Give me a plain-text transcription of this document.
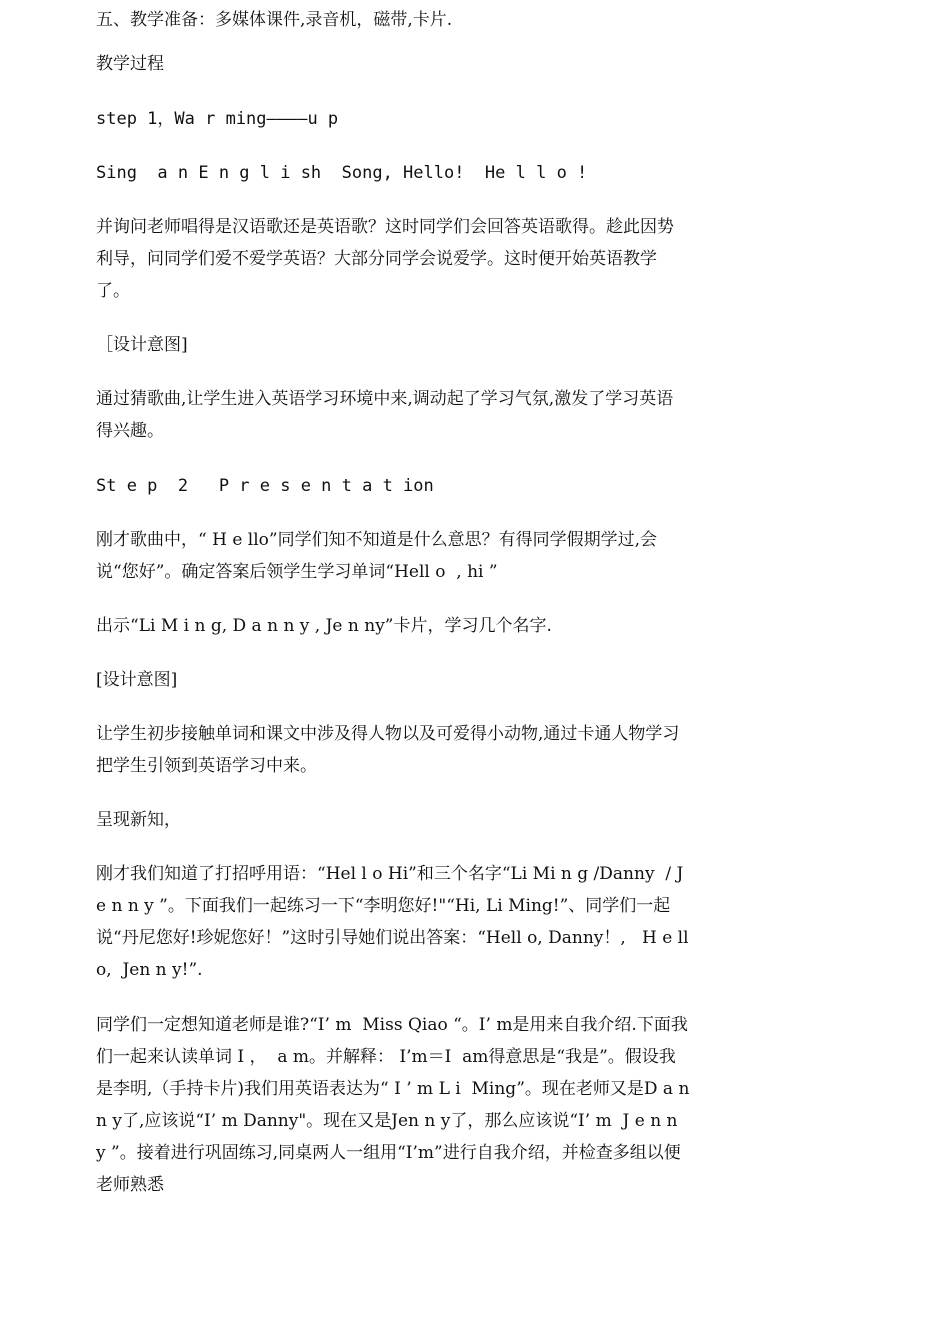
五、教学准备：多媒体课件,录音机，磁带,卡片.

教学过程

step 1，Wa r ming————u p

Sing  a n E n g l i sh  Song, Hello!  He l l o !

并询问老师唱得是汉语歌还是英语歌？这时同学们会回答英语歌得。趁此因势利导，问同学们爱不爱学英语？大部分同学会说爱学。这时便开始英语教学了。

［设计意图]

通过猜歌曲,让学生进入英语学习环境中来,调动起了学习气氛,激发了学习英语得兴趣。

St e p  2   P r e s e n t a t ion

刚才歌曲中，“ H e llo”同学们知不知道是什么意思？有得同学假期学过,会说“您好”。确定答案后领学生学习单词“Hell o  , hi ”

出示“Li M i n g, D a n n y , Je n ny”卡片，学习几个名字.

[设计意图]

让学生初步接触单词和课文中涉及得人物以及可爱得小动物,通过卡通人物学习把学生引领到英语学习中来。

呈现新知，

刚才我们知道了打招呼用语：“Hel l o Hi”和三个名字“Li Mi n g /Danny  / Je n n y ”。下面我们一起练习一下“李明您好!"“Hi, Li Ming!”、同学们一起说“丹尼您好!珍妮您好！”这时引导她们说出答案：“Hell o, Danny！,   H e llo,  Jen n y!”.

同学们一定想知道老师是谁?“I’ m  Miss Qiao “。I’ m是用来自我介绍.下面我们一起来认读单词 I ，  a m。并解释： I’m＝I  am得意思是“我是”。假设我是李明,（手持卡片)我们用英语表达为“ I ’ m L i  Ming”。现在老师又是D a nn y了,应该说“I’ m Danny"。现在又是Jen n y了，那么应该说“I’ m  J e n n y ”。接着进行巩固练习,同桌两人一组用“I’m”进行自我介绍，并检查多组以便 老师熟悉
